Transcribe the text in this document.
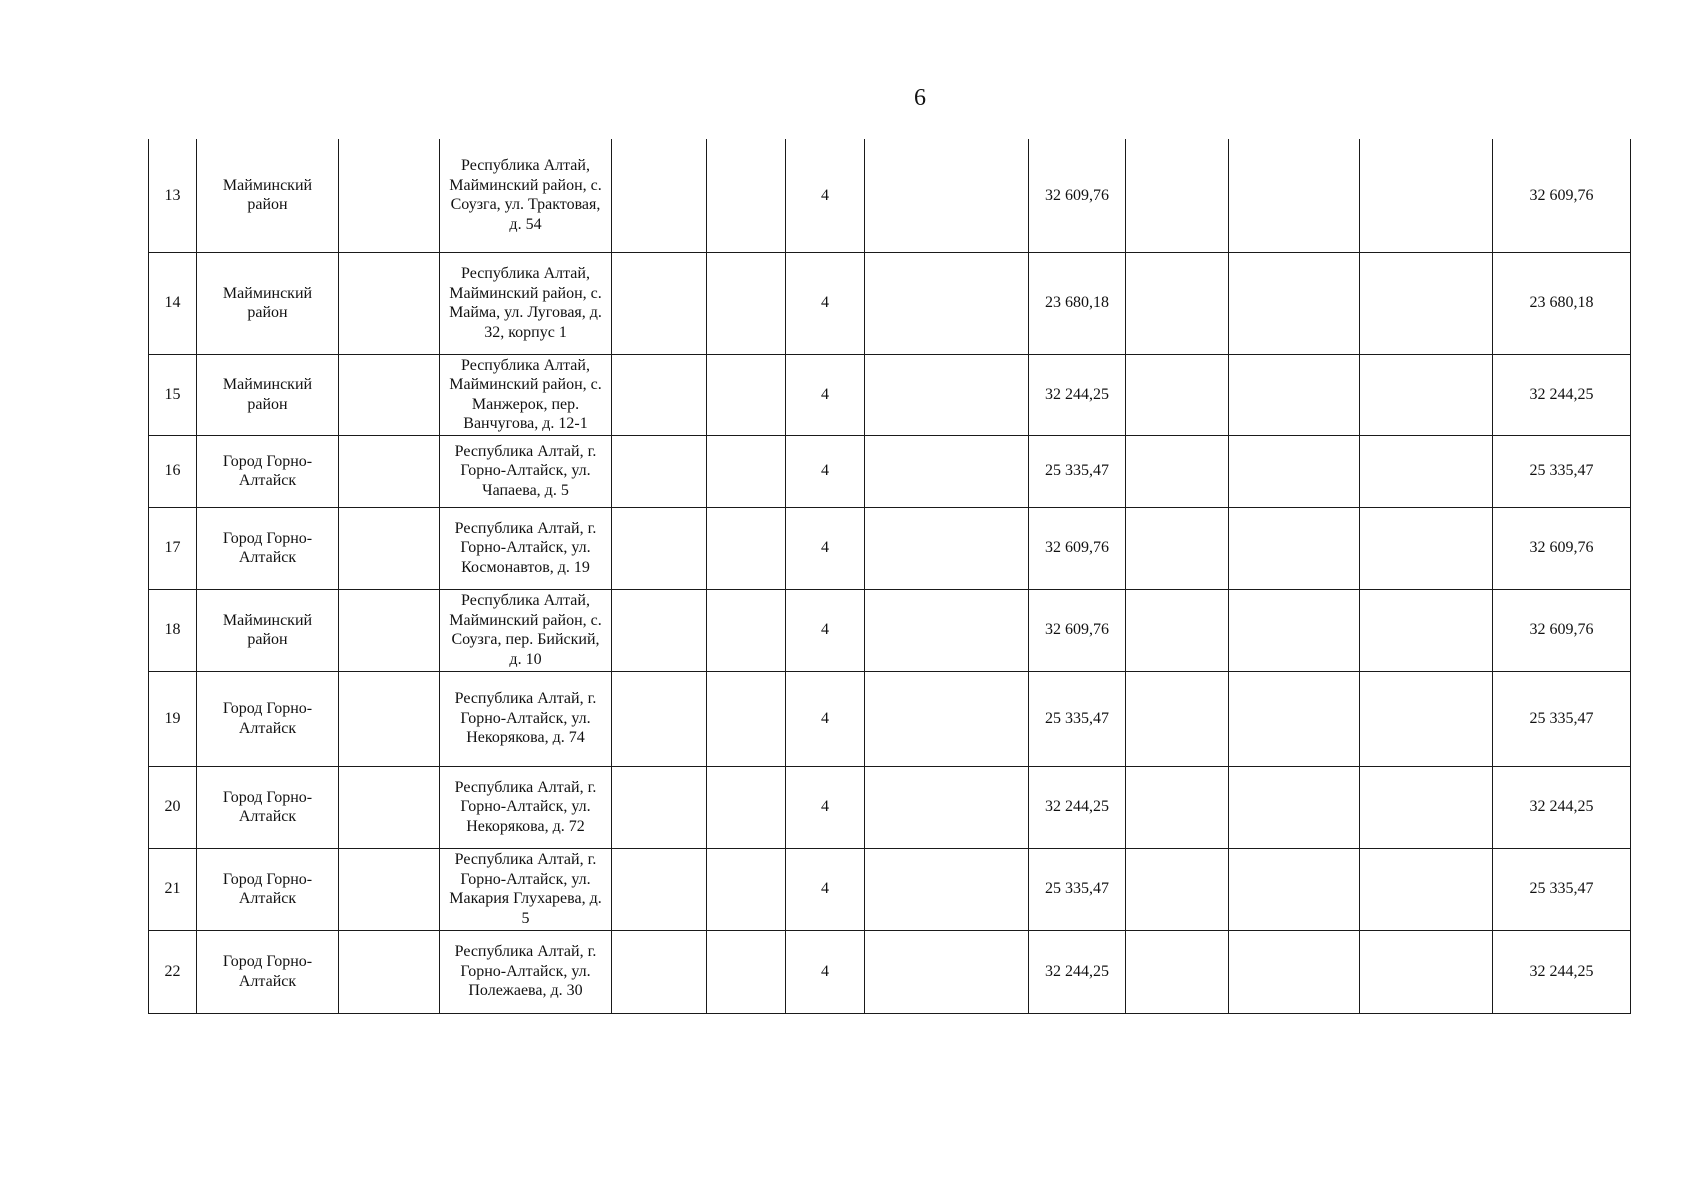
6
13	Майминский район		Республика Алтай, Майминский район, с. Соузга, ул. Трактовая, д. 54			4		32 609,76				32 609,76
14	Майминский район		Республика Алтай, Майминский район, с. Майма, ул. Луговая, д. 32, корпус 1			4		23 680,18				23 680,18
15	Майминский район		Республика Алтай, Майминский район, с. Манжерок, пер. Ванчугова, д. 12-1			4		32 244,25				32 244,25
16	Город Горно-Алтайск		Республика Алтай, г. Горно-Алтайск, ул. Чапаева, д. 5			4		25 335,47				25 335,47
17	Город Горно-Алтайск		Республика Алтай, г. Горно-Алтайск, ул. Космонавтов, д. 19			4		32 609,76				32 609,76
18	Майминский район		Республика Алтай, Майминский район, с. Соузга, пер. Бийский, д. 10			4		32 609,76				32 609,76
19	Город Горно-Алтайск		Республика Алтай, г. Горно-Алтайск, ул. Некорякова, д. 74			4		25 335,47				25 335,47
20	Город Горно-Алтайск		Республика Алтай, г. Горно-Алтайск, ул. Некорякова, д. 72			4		32 244,25				32 244,25
21	Город Горно-Алтайск		Республика Алтай, г. Горно-Алтайск, ул. Макария Глухарева, д. 5			4		25 335,47				25 335,47
22	Город Горно-Алтайск		Республика Алтай, г. Горно-Алтайск, ул. Полежаева, д. 30			4		32 244,25				32 244,25
